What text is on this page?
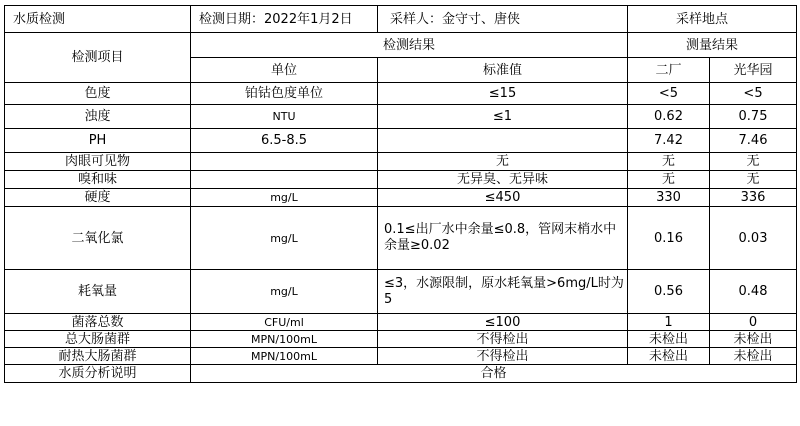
水质检测	检测日期：2022年1月2日	采样人：金守寸、唐侠	采样地点	
检测项目	检测结果		测量结果	
	单位	标准值	二厂	光华园
色度	铂钴色度单位	≤15	<5	<5
浊度	NTU	≤1	0.62	0.75
PH	6.5-8.5		7.42	7.46
肉眼可见物		无	无	无
嗅和味		无异臭、无异味	无	无
硬度	mg/L	≤450	330	336
二氧化氯	mg/L	0.1≤出厂水中余量≤0.8，管网末梢水中余量≥0.02	0.16	0.03
耗氧量	mg/L	≤3，水源限制，原水耗氧量>6mg/L时为5	0.56	0.48
菌落总数	CFU/ml	≤100	1	0
总大肠菌群	MPN/100mL	不得检出	未检出	未检出
耐热大肠菌群	MPN/100mL	不得检出	未检出	未检出
水质分析说明	合格			
